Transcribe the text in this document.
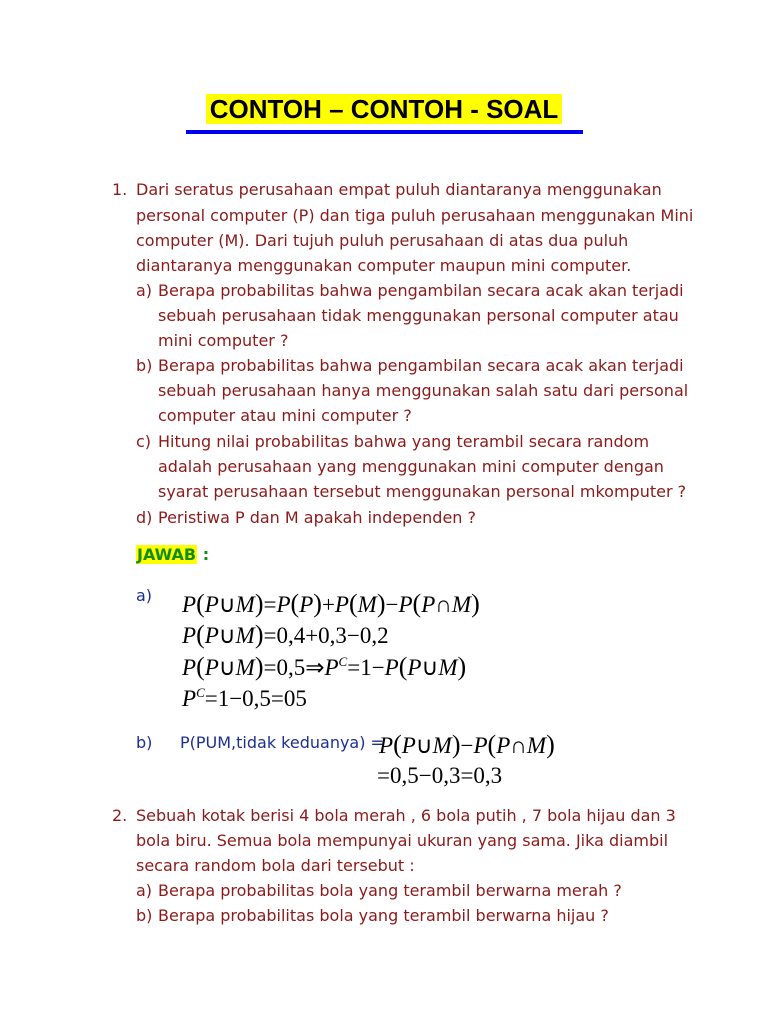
CONTOH – CONTOH - SOAL
1. Dari seratus perusahaan empat puluh diantaranya menggunakan
personal computer (P) dan tiga puluh perusahaan menggunakan Mini
computer (M). Dari tujuh puluh perusahaan di atas dua puluh
diantaranya menggunakan computer maupun mini computer.
a) Berapa probabilitas bahwa pengambilan secara acak akan terjadi
sebuah perusahaan tidak menggunakan personal computer atau
mini computer ?
b) Berapa probabilitas bahwa pengambilan secara acak akan terjadi
sebuah perusahaan hanya menggunakan salah satu dari personal
computer atau mini computer ?
c) Hitung nilai probabilitas bahwa yang terambil secara random
adalah perusahaan yang menggunakan mini computer dengan
syarat perusahaan tersebut menggunakan personal mkomputer ?
d) Peristiwa P dan M apakah independen ?
JAWAB :
a) P(P∪M)=P(P)+P(M)−P(P∩M)
P(P∪M)=0,4+0,3−0,2
$P(P\cup M)=0,5\Rightarrow P^C=1-P(P\cup M)$
$P^C=1-0,5=05$
b) P(PUM,tidak keduanya) =
P(P∪M)−P(P∩M)
=0,5−0,3=0,3
2. Sebuah kotak berisi 4 bola merah , 6 bola putih , 7 bola hijau dan 3
bola biru. Semua bola mempunyai ukuran yang sama. Jika diambil
secara random bola dari tersebut :
a) Berapa probabilitas bola yang terambil berwarna merah ?
b) Berapa probabilitas bola yang terambil berwarna hijau ?
